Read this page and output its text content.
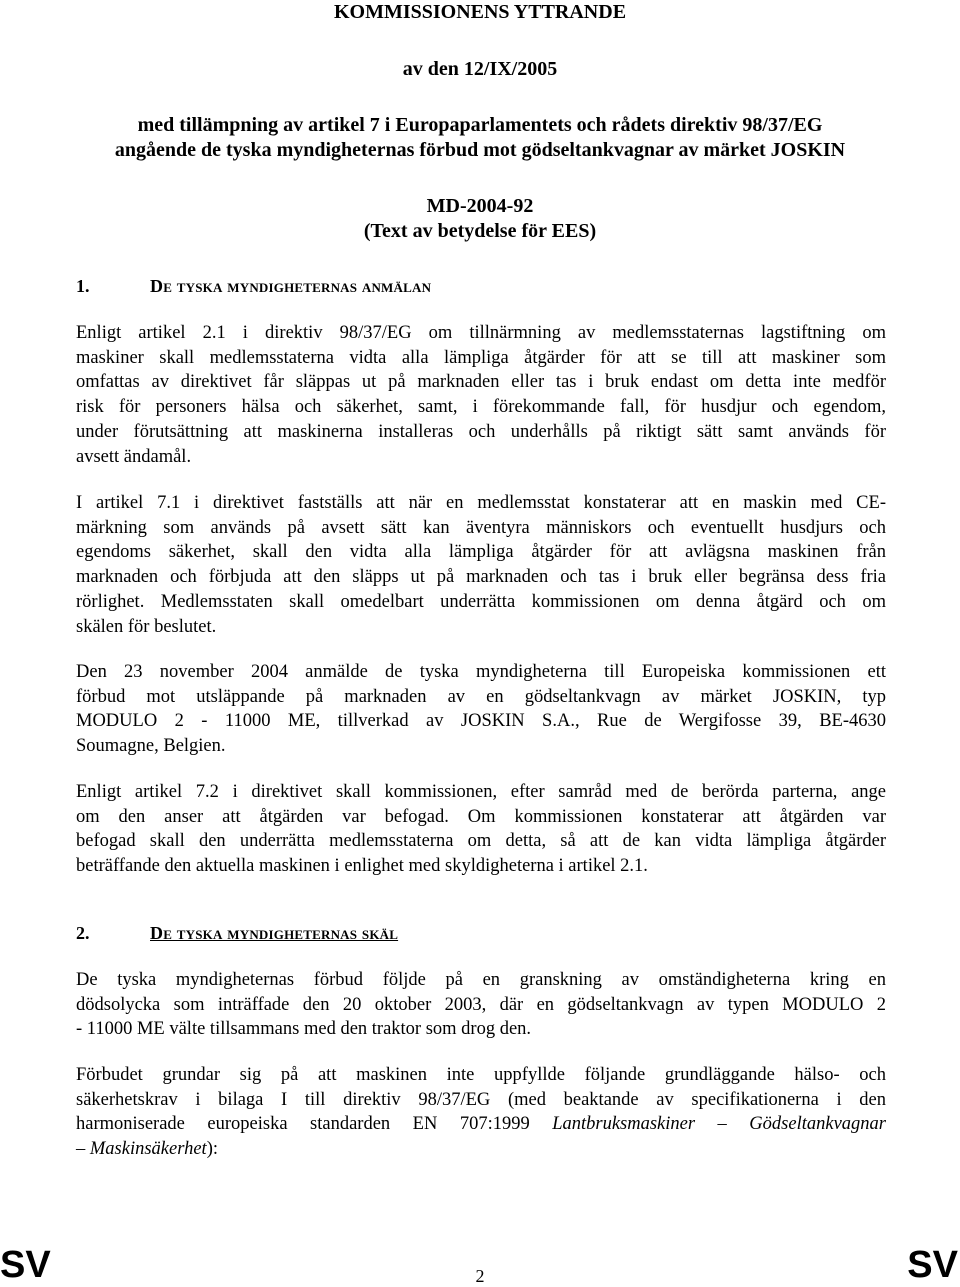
KOMMISSIONENS YTTRANDE
av den 12/IX/2005
med tillämpning av artikel 7 i Europaparlamentets och rådets direktiv 98/37/EG
angående de tyska myndigheternas förbud mot gödseltankvagnar av märket JOSKIN
MD-2004-92
(Text av betydelse för EES)
1.	De tyska myndigheternas anmälan
Enligt artikel 2.1 i direktiv 98/37/EG om tillnärmning av medlemsstaternas lagstiftning om
maskiner skall medlemsstaterna vidta alla lämpliga åtgärder för att se till att maskiner som
omfattas av direktivet får släppas ut på marknaden eller tas i bruk endast om detta inte medför
risk för personers hälsa och säkerhet, samt, i förekommande fall, för husdjur och egendom,
under förutsättning att maskinerna installeras och underhålls på riktigt sätt samt används för
avsett ändamål.
I artikel 7.1 i direktivet fastställs att när en medlemsstat konstaterar att en maskin med CE-
märkning som används på avsett sätt kan äventyra människors och eventuellt husdjurs och
egendoms säkerhet, skall den vidta alla lämpliga åtgärder för att avlägsna maskinen från
marknaden och förbjuda att den släpps ut på marknaden och tas i bruk eller begränsa dess fria
rörlighet. Medlemsstaten skall omedelbart underrätta kommissionen om denna åtgärd och om
skälen för beslutet.
Den 23 november 2004 anmälde de tyska myndigheterna till Europeiska kommissionen ett
förbud mot utsläppande på marknaden av en gödseltankvagn av märket JOSKIN, typ
MODULO 2 - 11000 ME, tillverkad av JOSKIN S.A., Rue de Wergifosse 39, BE-4630
Soumagne, Belgien.
Enligt artikel 7.2 i direktivet skall kommissionen, efter samråd med de berörda parterna, ange
om den anser att åtgärden var befogad. Om kommissionen konstaterar att åtgärden var
befogad skall den underrätta medlemsstaterna om detta, så att de kan vidta lämpliga åtgärder
beträffande den aktuella maskinen i enlighet med skyldigheterna i artikel 2.1.
2.	De tyska myndigheternas skäl
De tyska myndigheternas förbud följde på en granskning av omständigheterna kring en
dödsolycka som inträffade den 20 oktober 2003, där en gödseltankvagn av typen MODULO 2
- 11000 ME välte tillsammans med den traktor som drog den.
Förbudet grundar sig på att maskinen inte uppfyllde följande grundläggande hälso- och
säkerhetskrav i bilaga I till direktiv 98/37/EG (med beaktande av specifikationerna i den
harmoniserade europeiska standarden EN 707:1999 Lantbruksmaskiner – Gödseltankvagnar
– Maskinsäkerhet):
SV	2	SV
